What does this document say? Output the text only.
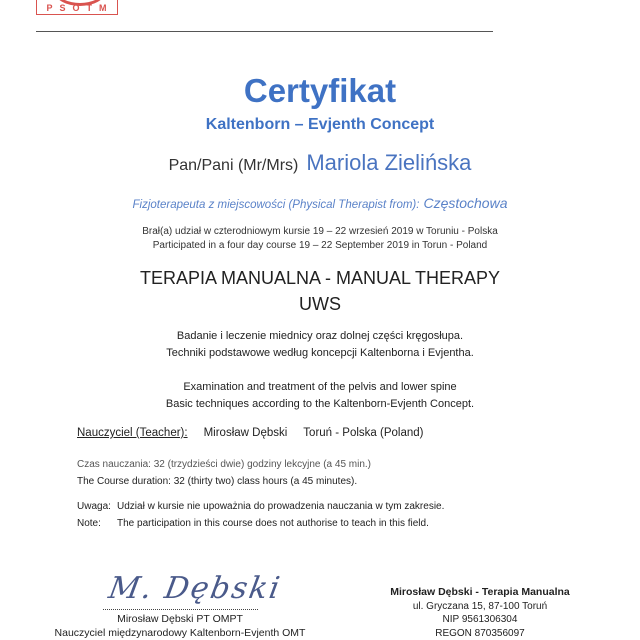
PSOTM
Certyfikat
Kaltenborn – Evjenth Concept
Pan/Pani (Mr/Mrs) Mariola Zielińska
Fizjoterapeuta z miejscowości (Physical Therapist from): Częstochowa
Brał(a) udział w czterodniowym kursie 19 – 22 wrzesień 2019 w Toruniu - Polska
Participated in a four day course 19 – 22 September 2019 in Torun - Poland
TERAPIA MANUALNA - MANUAL THERAPY
UWS
Badanie i leczenie miednicy oraz dolnej części kręgosłupa.
Techniki podstawowe według koncepcji Kaltenborna i Evjentha.
Examination and treatment of the pelvis and lower spine
Basic techniques according to the Kaltenborn-Evjenth Concept.
Nauczyciel (Teacher): Mirosław Dębski Toruń - Polska (Poland)
Czas nauczania: 32 (trzydzieści dwie) godziny lekcyjne (a 45 min.)
The Course duration: 32 (thirty two) class hours (a 45 minutes).
Uwaga: Udział w kursie nie upoważnia do prowadzenia nauczania w tym zakresie.
Note: The participation in this course does not authorise to teach in this field.
M. Dębski
Mirosław Dębski PT OMPT
Nauczyciel międzynarodowy Kaltenborn-Evjenth OMT
Mirosław Dębski - Terapia Manualna
ul. Gryczana 15, 87-100 Toruń
NIP 9561306304
REGON 870356097
